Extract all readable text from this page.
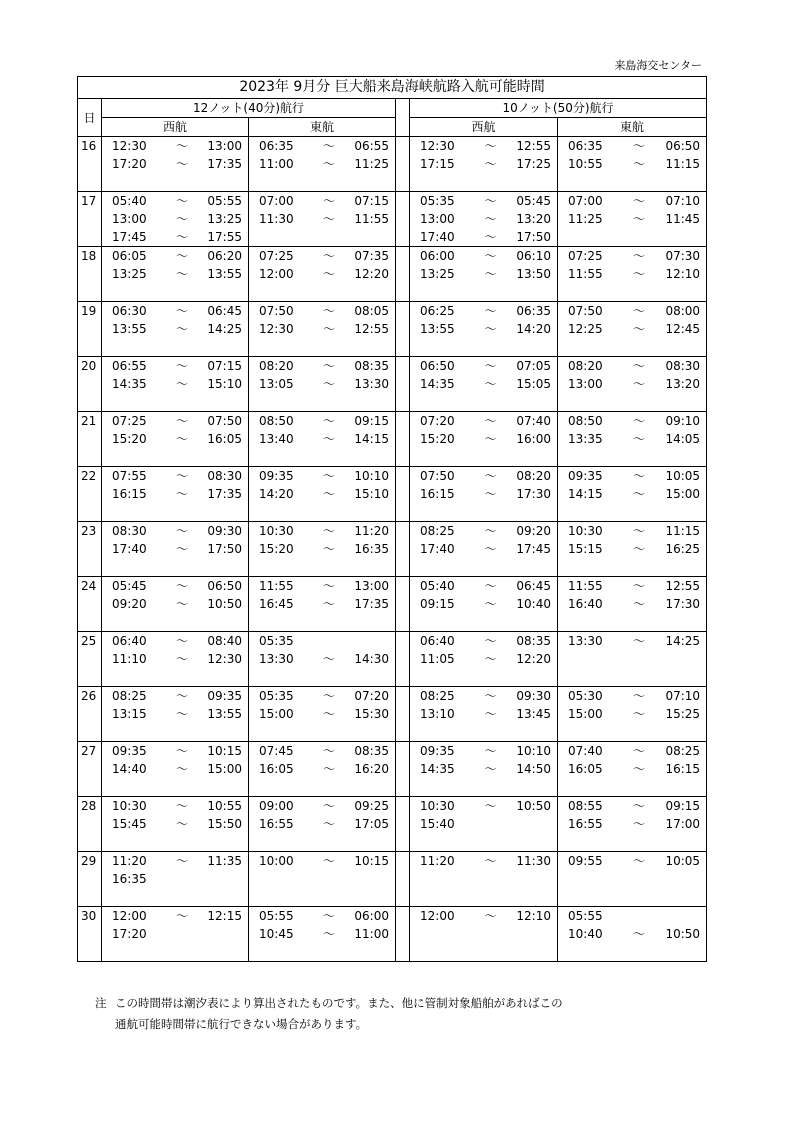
来島海交センター
2023年 9月分 巨大船来島海峡航路入航可能時間					
日	12ノット(40分)航行			10ノット(50分)航行	
	西航	東航		西航	東航
16	12:30 ～ 13:00	06:35 ～ 06:55		12:30 ～ 12:55	06:35 ～ 06:50

	17:20 ～ 17:35	11:00 ～ 11:25		17:15 ～ 17:25	10:55 ～ 11:15

17	05:40 ～ 05:55	07:00 ～ 07:15		05:35 ～ 05:45	07:00 ～ 07:10

	13:00 ～ 13:25	11:30 ～ 11:55		13:00 ～ 13:20	11:25 ～ 11:45

	17:45 ～ 17:55			17:40 ～ 17:50	

18	06:05 ～ 06:20	07:25 ～ 07:35		06:00 ～ 06:10	07:25 ～ 07:30

	13:25 ～ 13:55	12:00 ～ 12:20		13:25 ～ 13:50	11:55 ～ 12:10

19	06:30 ～ 06:45	07:50 ～ 08:05		06:25 ～ 06:35	07:50 ～ 08:00

	13:55 ～ 14:25	12:30 ～ 12:55		13:55 ～ 14:20	12:25 ～ 12:45

20	06:55 ～ 07:15	08:20 ～ 08:35		06:50 ～ 07:05	08:20 ～ 08:30

	14:35 ～ 15:10	13:05 ～ 13:30		14:35 ～ 15:05	13:00 ～ 13:20

21	07:25 ～ 07:50	08:50 ～ 09:15		07:20 ～ 07:40	08:50 ～ 09:10

	15:20 ～ 16:05	13:40 ～ 14:15		15:20 ～ 16:00	13:35 ～ 14:05

22	07:55 ～ 08:30	09:35 ～ 10:10		07:50 ～ 08:20	09:35 ～ 10:05

	16:15 ～ 17:35	14:20 ～ 15:10		16:15 ～ 17:30	14:15 ～ 15:00

23	08:30 ～ 09:30	10:30 ～ 11:20		08:25 ～ 09:20	10:30 ～ 11:15

	17:40 ～ 17:50	15:20 ～ 16:35		17:40 ～ 17:45	15:15 ～ 16:25

24	05:45 ～ 06:50	11:55 ～ 13:00		05:40 ～ 06:45	11:55 ～ 12:55

	09:20 ～ 10:50	16:45 ～ 17:35		09:15 ～ 10:40	16:40 ～ 17:30

25	06:40 ～ 08:40	05:35		06:40 ～ 08:35	13:30 ～ 14:25

	11:10 ～ 12:30	13:30 ～ 14:30		11:05 ～ 12:20	

26	08:25 ～ 09:35	05:35 ～ 07:20		08:25 ～ 09:30	05:30 ～ 07:10

	13:15 ～ 13:55	15:00 ～ 15:30		13:10 ～ 13:45	15:00 ～ 15:25

27	09:35 ～ 10:15	07:45 ～ 08:35		09:35 ～ 10:10	07:40 ～ 08:25

	14:40 ～ 15:00	16:05 ～ 16:20		14:35 ～ 14:50	16:05 ～ 16:15

28	10:30 ～ 10:55	09:00 ～ 09:25		10:30 ～ 10:50	08:55 ～ 09:15

	15:45 ～ 15:50	16:55 ～ 17:05		15:40	16:55 ～ 17:00

29	11:20 ～ 11:35	10:00 ～ 10:15		11:20 ～ 11:30	09:55 ～ 10:05

	16:35				

30	12:00 ～ 12:15	05:55 ～ 06:00		12:00 ～ 12:10	05:55

	17:20	10:45 ～ 11:00			10:40 ～ 10:50

注 この時間帯は潮汐表により算出されたものです。また、他に管制対象船舶があればこの
通航可能時間帯に航行できない場合があります。
